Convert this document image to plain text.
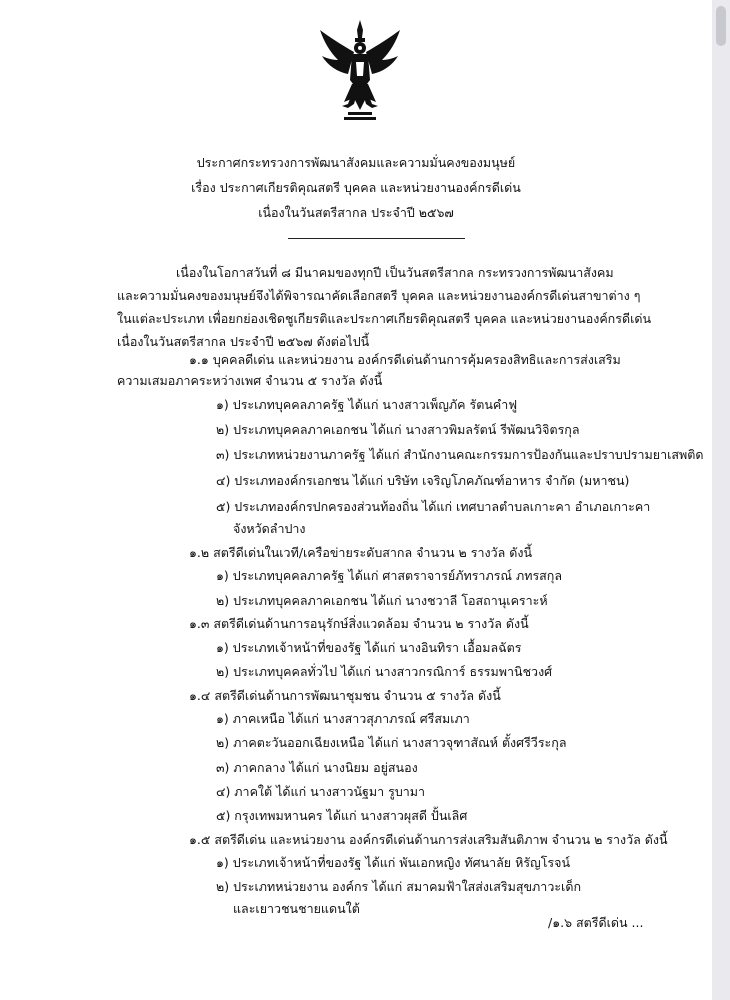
ประกาศกระทรวงการพัฒนาสังคมและความมั่นคงของมนุษย์
เรื่อง ประกาศเกียรติคุณสตรี บุคคล และหน่วยงานองค์กรดีเด่น
เนื่องในวันสตรีสากล ประจำปี ๒๕๖๗
เนื่องในโอกาสวันที่ ๘ มีนาคมของทุกปี เป็นวันสตรีสากล กระทรวงการพัฒนาสังคม
และความมั่นคงของมนุษย์จึงได้พิจารณาคัดเลือกสตรี บุคคล และหน่วยงานองค์กรดีเด่นสาขาต่าง ๆ
ในแต่ละประเภท เพื่อยกย่องเชิดชูเกียรติและประกาศเกียรติคุณสตรี บุคคล และหน่วยงานองค์กรดีเด่น
เนื่องในวันสตรีสากล ประจำปี ๒๕๖๗ ดังต่อไปนี้
๑.๑ บุคคลดีเด่น และหน่วยงาน องค์กรดีเด่นด้านการคุ้มครองสิทธิและการส่งเสริม
ความเสมอภาคระหว่างเพศ จำนวน ๕ รางวัล ดังนี้
๑) ประเภทบุคคลภาครัฐ ได้แก่ นางสาวเพ็ญภัค รัตนคำฟู
๒) ประเภทบุคคลภาคเอกชน ได้แก่ นางสาวพิมลรัตน์ รีพัฒนวิจิตรกุล
๓) ประเภทหน่วยงานภาครัฐ ได้แก่ สำนักงานคณะกรรมการป้องกันและปราบปรามยาเสพติด
๔) ประเภทองค์กรเอกชน ได้แก่ บริษัท เจริญโภคภัณฑ์อาหาร จำกัด (มหาชน)
๕) ประเภทองค์กรปกครองส่วนท้องถิ่น ได้แก่ เทศบาลตำบลเกาะคา อำเภอเกาะคา
จังหวัดลำปาง
๑.๒ สตรีดีเด่นในเวที/เครือข่ายระดับสากล จำนวน ๒ รางวัล ดังนี้
๑) ประเภทบุคคลภาครัฐ ได้แก่ ศาสตราจารย์ภัทราภรณ์ ภทรสกุล
๒) ประเภทบุคคลภาคเอกชน ได้แก่ นางชวาลี โอสถานุเคราะห์
๑.๓ สตรีดีเด่นด้านการอนุรักษ์สิ่งแวดล้อม จำนวน ๒ รางวัล ดังนี้
๑) ประเภทเจ้าหน้าที่ของรัฐ ได้แก่ นางอินทิรา เอื้อมลฉัตร
๒) ประเภทบุคคลทั่วไป ได้แก่ นางสาวกรณิการ์ ธรรมพานิชวงศ์
๑.๔ สตรีดีเด่นด้านการพัฒนาชุมชน จำนวน ๕ รางวัล ดังนี้
๑) ภาคเหนือ ได้แก่ นางสาวสุภาภรณ์ ศรีสมเภา
๒) ภาคตะวันออกเฉียงเหนือ ได้แก่ นางสาวจุฑาสัณห์ ตั้งศรีวีระกุล
๓) ภาคกลาง ได้แก่ นางนิยม อยู่สนอง
๔) ภาคใต้ ได้แก่ นางสาวนัฐมา รูบามา
๕) กรุงเทพมหานคร ได้แก่ นางสาวผุสดี ปั้นเลิศ
๑.๕ สตรีดีเด่น และหน่วยงาน องค์กรดีเด่นด้านการส่งเสริมสันติภาพ จำนวน ๒ รางวัล ดังนี้
๑) ประเภทเจ้าหน้าที่ของรัฐ ได้แก่ พันเอกหญิง ทัศนาลัย หิรัญโรจน์
๒) ประเภทหน่วยงาน องค์กร ได้แก่ สมาคมฟ้าใสส่งเสริมสุขภาวะเด็ก
และเยาวชนชายแดนใต้
/๑.๖ สตรีดีเด่น ...
